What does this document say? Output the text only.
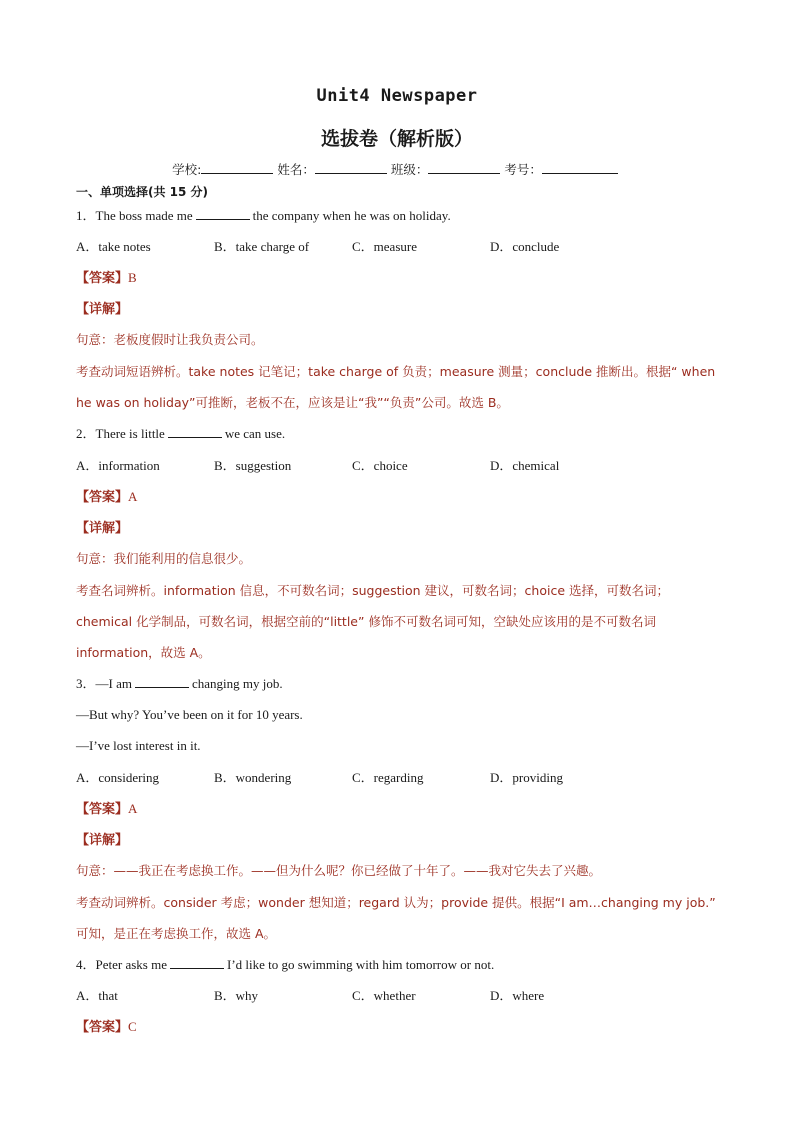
Unit4 Newspaper
选拔卷（解析版）
学校:	姓名：	班级：	考号：
一、单项选择(共 15 分)
1．The boss made me	the company when he was on holiday.
A．take notes	B．take charge of	C．measure	D．conclude
【答案】B
【详解】
句意：老板度假时让我负责公司。
考查动词短语辨析。take notes 记笔记；take charge of 负责；measure 测量；conclude 推断出。根据“ when
he was on holiday”可推断，老板不在，应该是让“我”“负责”公司。故选 B。
2．There is little	we can use.
A．information	B．suggestion	C．choice	D．chemical
【答案】A
【详解】
句意：我们能利用的信息很少。
考查名词辨析。information 信息，不可数名词；suggestion 建议，可数名词；choice 选择，可数名词；
chemical 化学制品，可数名词，根据空前的“little” 修饰不可数名词可知，空缺处应该用的是不可数名词
information，故选 A。
3．—I am	changing my job.
—But why? You’ve been on it for 10 years.
—I’ve lost interest in it.
A．considering	B．wondering	C．regarding	D．providing
【答案】A
【详解】
句意：——我正在考虑换工作。——但为什么呢？你已经做了十年了。——我对它失去了兴趣。
考查动词辨析。consider 考虑；wonder 想知道；regard 认为；provide 提供。根据“I am…changing my job.”
可知，是正在考虑换工作，故选 A。
4．Peter asks me	I’d like to go swimming with him tomorrow or not.
A．that	B．why	C．whether	D．where
【答案】C
